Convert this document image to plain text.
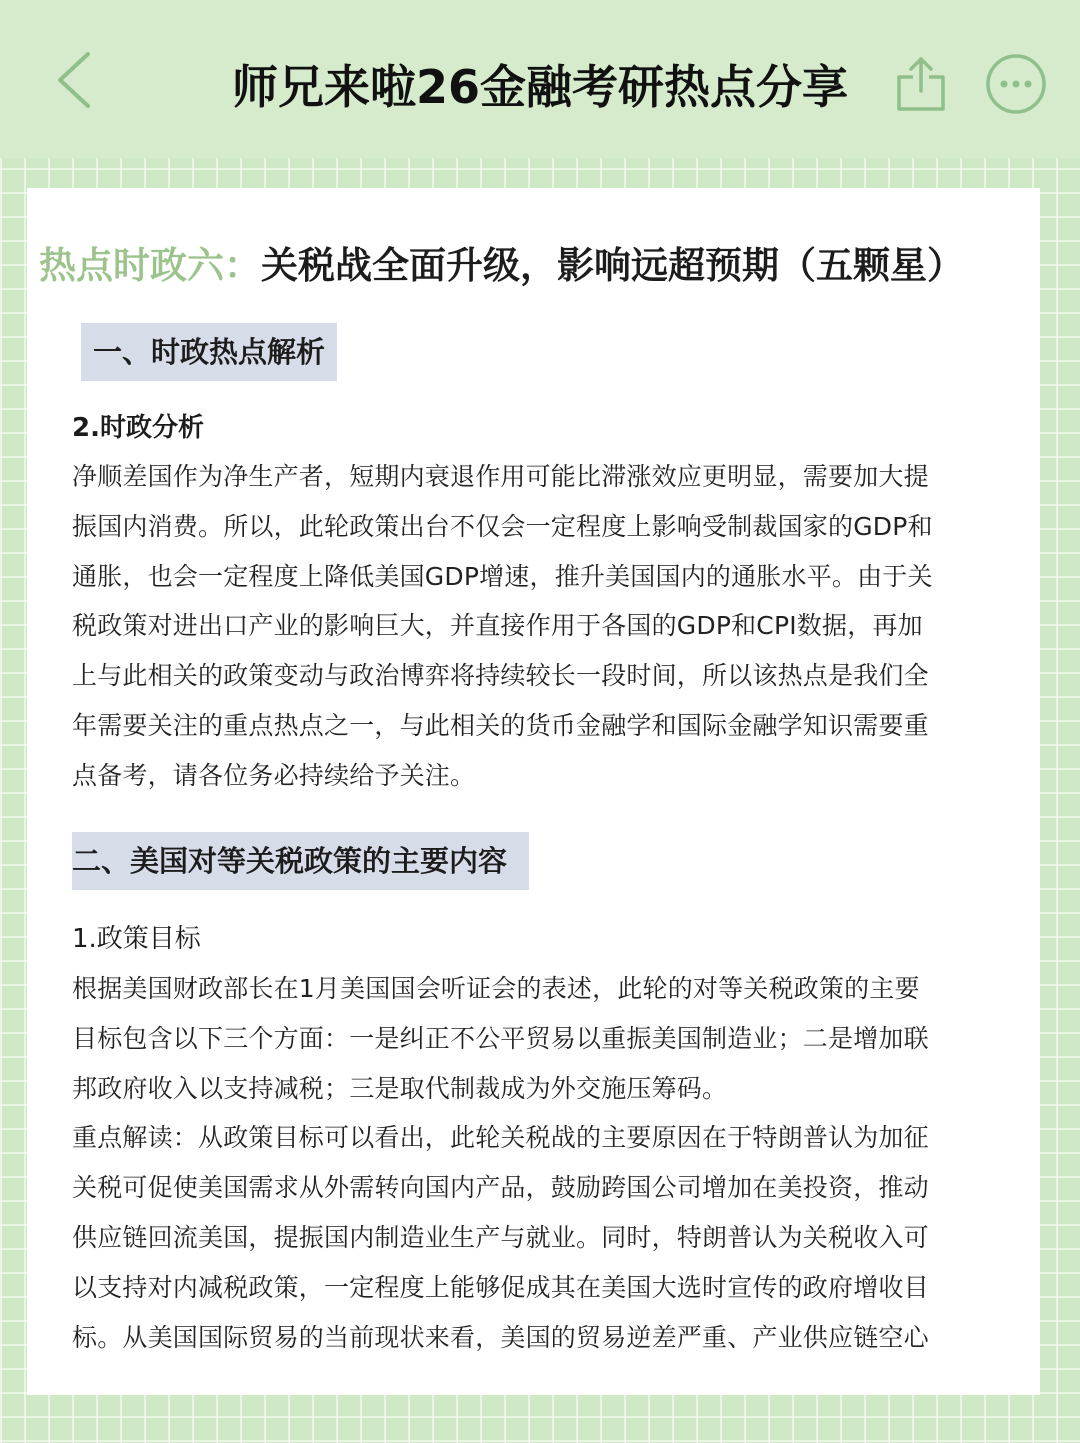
师兄来啦26金融考研热点分享
热点时政六：关税战全面升级，影响远超预期（五颗星）
一、时政热点解析
2.时政分析
净顺差国作为净生产者，短期内衰退作用可能比滞涨效应更明显，需要加大提
振国内消费。所以，此轮政策出台不仅会一定程度上影响受制裁国家的GDP和
通胀，也会一定程度上降低美国GDP增速，推升美国国内的通胀水平。由于关
税政策对进出口产业的影响巨大，并直接作用于各国的GDP和CPI数据，再加
上与此相关的政策变动与政治博弈将持续较长一段时间，所以该热点是我们全
年需要关注的重点热点之一，与此相关的货币金融学和国际金融学知识需要重
点备考，请各位务必持续给予关注。
二、美国对等关税政策的主要内容
1.政策目标
根据美国财政部长在1月美国国会听证会的表述，此轮的对等关税政策的主要
目标包含以下三个方面：一是纠正不公平贸易以重振美国制造业；二是增加联
邦政府收入以支持减税；三是取代制裁成为外交施压筹码。
重点解读：从政策目标可以看出，此轮关税战的主要原因在于特朗普认为加征
关税可促使美国需求从外需转向国内产品，鼓励跨国公司增加在美投资，推动
供应链回流美国，提振国内制造业生产与就业。同时，特朗普认为关税收入可
以支持对内减税政策，一定程度上能够促成其在美国大选时宣传的政府增收目
标。从美国国际贸易的当前现状来看，美国的贸易逆差严重、产业供应链空心
